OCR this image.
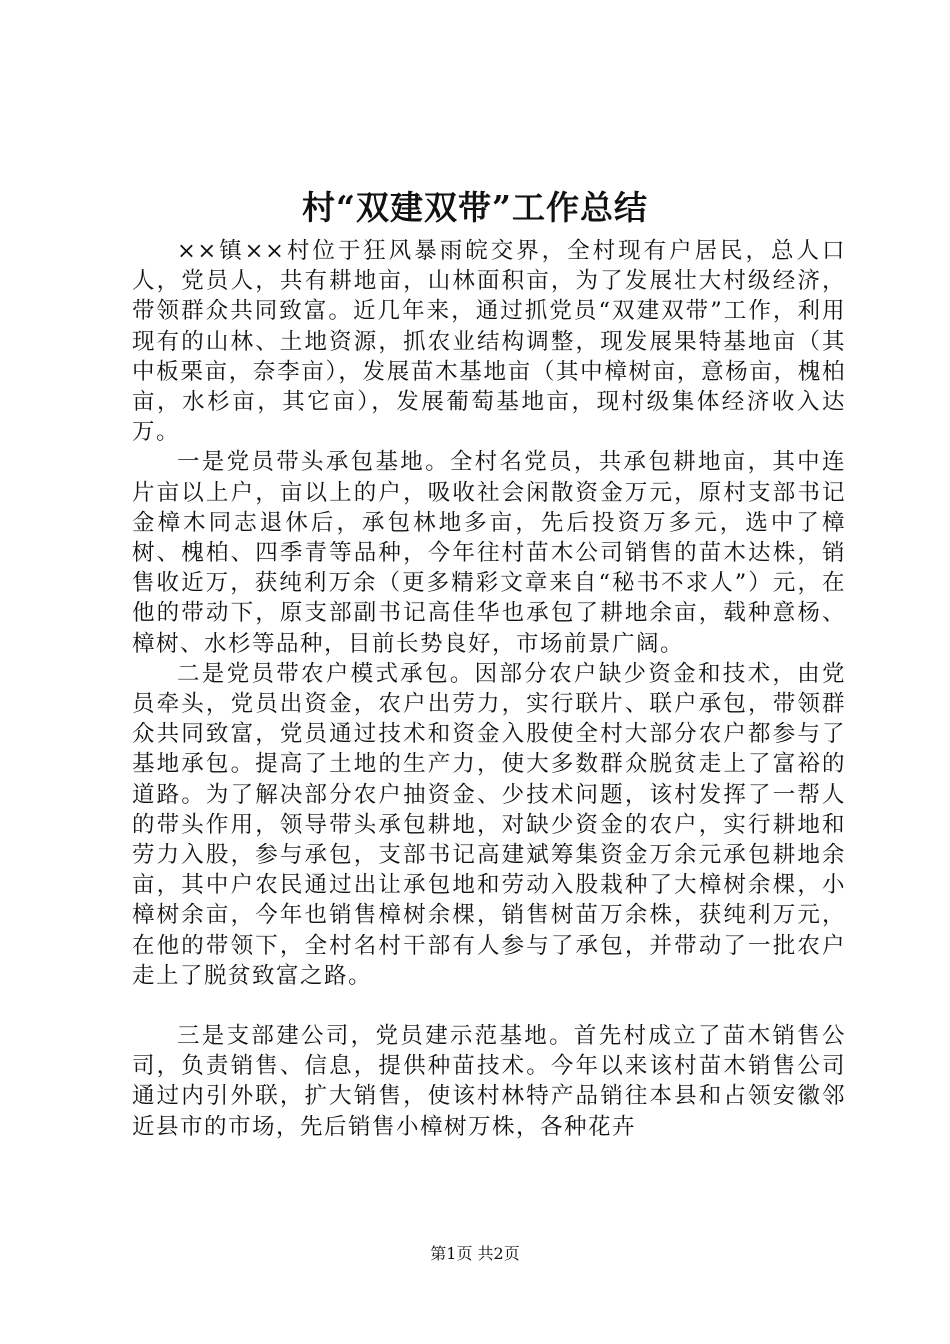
村“双建双带”工作总结

××镇××村位于狂风暴雨皖交界，全村现有户居民，总人口人，党员人，共有耕地亩，山林面积亩，为了发展壮大村级经济，带领群众共同致富。近几年来，通过抓党员“双建双带”工作，利用现有的山林、土地资源，抓农业结构调整，现发展果特基地亩（其中板栗亩，奈李亩），发展苗木基地亩（其中樟树亩，意杨亩，槐柏亩，水杉亩，其它亩），发展葡萄基地亩，现村级集体经济收入达万。

一是党员带头承包基地。全村名党员，共承包耕地亩，其中连片亩以上户，亩以上的户，吸收社会闲散资金万元，原村支部书记金樟木同志退休后，承包林地多亩，先后投资万多元，选中了樟树、槐柏、四季青等品种，今年往村苗木公司销售的苗木达株，销售收近万，获纯利万余（更多精彩文章来自“秘书不求人”）元，在他的带动下，原支部副书记高佳华也承包了耕地余亩，载种意杨、樟树、水杉等品种，目前长势良好，市场前景广阔。

二是党员带农户模式承包。因部分农户缺少资金和技术，由党员牵头，党员出资金，农户出劳力，实行联片、联户承包，带领群众共同致富，党员通过技术和资金入股使全村大部分农户都参与了基地承包。提高了土地的生产力，使大多数群众脱贫走上了富裕的道路。为了解决部分农户抽资金、少技术问题，该村发挥了一帮人的带头作用，领导带头承包耕地，对缺少资金的农户，实行耕地和劳力入股，参与承包，支部书记高建斌筹集资金万余元承包耕地余亩，其中户农民通过出让承包地和劳动入股栽种了大樟树余棵，小樟树余亩，今年也销售樟树余棵，销售树苗万余株，获纯利万元，在他的带领下，全村名村干部有人参与了承包，并带动了一批农户走上了脱贫致富之路。

三是支部建公司，党员建示范基地。首先村成立了苗木销售公司，负责销售、信息，提供种苗技术。今年以来该村苗木销售公司通过内引外联，扩大销售，使该村林特产品销往本县和占领安徽邻近县市的市场，先后销售小樟树万株，各种花卉

第1页 共2页
